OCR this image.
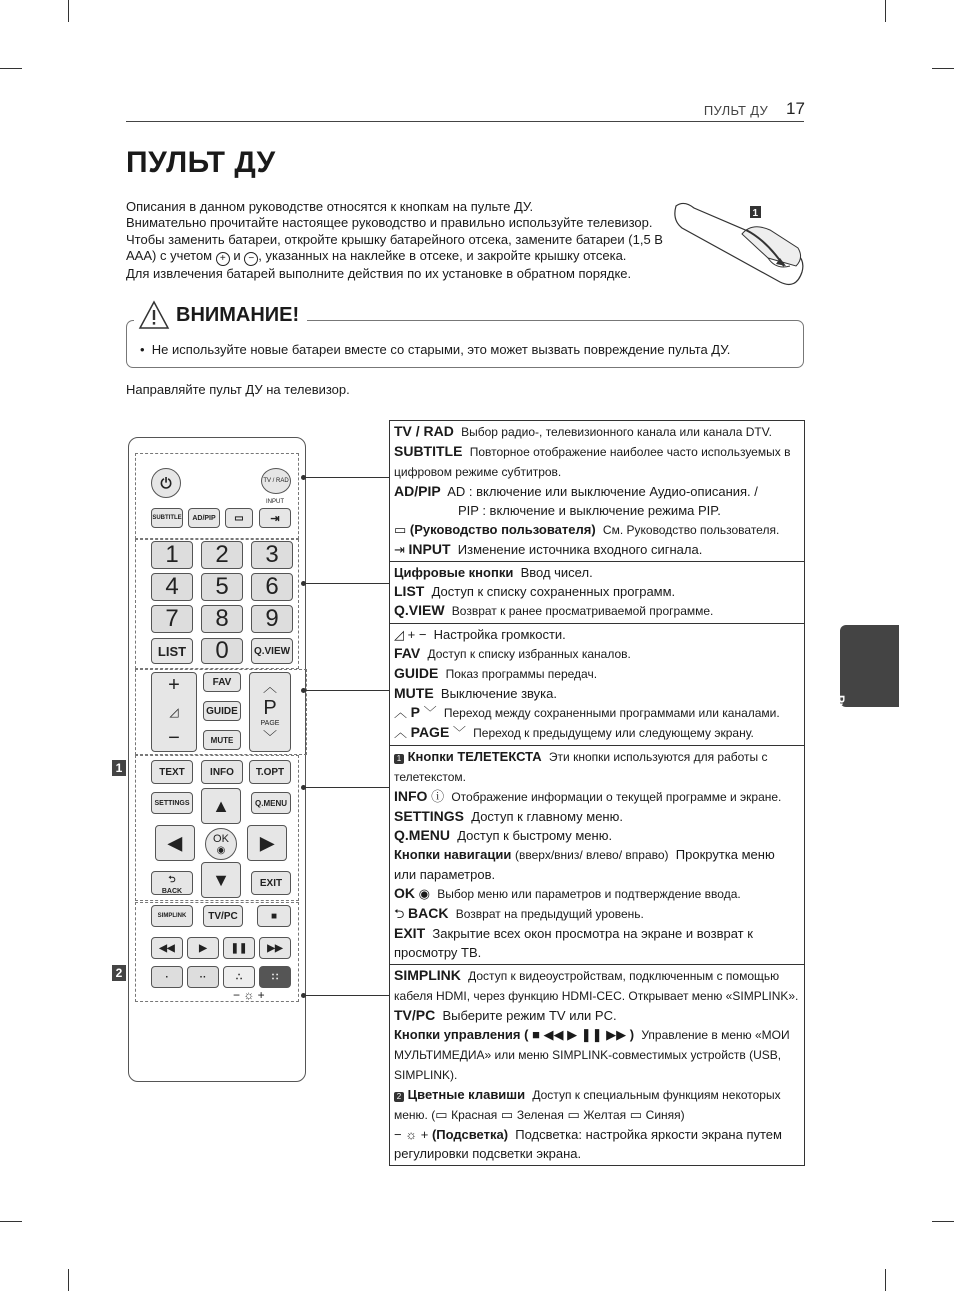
ПУЛЬТ ДУ 17
ПУЛЬТ ДУ
Описания в данном руководстве относятся к кнопкам на пульте ДУ.
Внимательно прочитайте настоящее руководство и правильно используйте телевизор.
Чтобы заменить батареи, откройте крышку батарейного отсека, замените батареи (1,5 В
AAA) с учетом + и − , указанных на наклейке в отсеке, и закройте крышку отсека.
Для извлечения батарей выполните действия по их установке в обратном порядке.
1
ВНИМАНИЕ!
• Не используйте новые батареи вместе со старыми, это может вызвать повреждение пульта ДУ.
Направляйте пульт ДУ на телевизор.
⏻	TV / RAD
INPUT
SUBTITLE	AD/PIP	▭	⇥
1	2	3
4	5	6
7	8	9
LIST	0	Q.VIEW
+
◿
−
FAV
GUIDE
MUTE
︿
P
PAGE
﹀
TEXT	INFO	T.OPT
SETTINGS	Q.MENU
▲
◀	OK
◉	▶
▼
⮌
BACK
EXIT
SIMPLINK	TV/PC	■
◀◀	▶	❚❚	▶▶
·	··	∴	∷
− ☼ +
1
2
TV / RAD Выбор радио-, телевизионного канала или канала DTV.
SUBTITLE Повторное отображение наиболее часто используемых в цифровом режиме субтитров.
AD/PIP AD : включение или выключение Аудио-описания. /
PIP : включение и выключение режима PIP.
▭ (Руководство пользователя) См. Руководство пользователя.
⇥ INPUT Изменение источника входного сигнала.
Цифровые кнопки Ввод чисел.
LIST Доступ к списку сохраненных программ.
Q.VIEW Возврат к ранее просматриваемой программе.
◿ + − Настройка громкости.
FAV Доступ к списку избранных каналов.
GUIDE Показ программы передач.
MUTE Выключение звука.
︿ P ﹀ Переход между сохраненными программами или каналами.
︿ PAGE ﹀ Переход к предыдущему или следующему экрану.
1 Кнопки ТЕЛЕТЕКСТА Эти кнопки используются для работы с телетекстом.
INFO ⓘ Отображение информации о текущей программе и экране.
SETTINGS Доступ к главному меню.
Q.MENU Доступ к быстрому меню.
Кнопки навигации (вверх/вниз/ влево/ вправо) Прокрутка меню или параметров.
OK ◉ Выбор меню или параметров и подтверждение ввода.
⮌ BACK Возврат на предыдущий уровень.
EXIT Закрытие всех окон просмотра на экране и возврат к просмотру ТВ.
SIMPLINK Доступ к видеоустройствам, подключенным с помощью кабеля HDMI, через функцию HDMI-CEC. Открывает меню «SIMPLINK».
TV/PC Выберите режим TV или PC.
Кнопки управления ( ■ ◀◀ ▶ ❚❚ ▶▶ ) Управление в меню «МОИ МУЛЬТИМЕДИА» или меню SIMPLINK-совместимых устройств (USB, SIMPLINK).
2 Цветные клавиши Доступ к специальным функциям некоторых меню. (▭ Красная ▭ Зеленая ▭ Желтая ▭ Синяя)
− ☼ + (Подсветка) Подсветка: настройка яркости экрана путем регулировки подсветки экрана.
Русский
